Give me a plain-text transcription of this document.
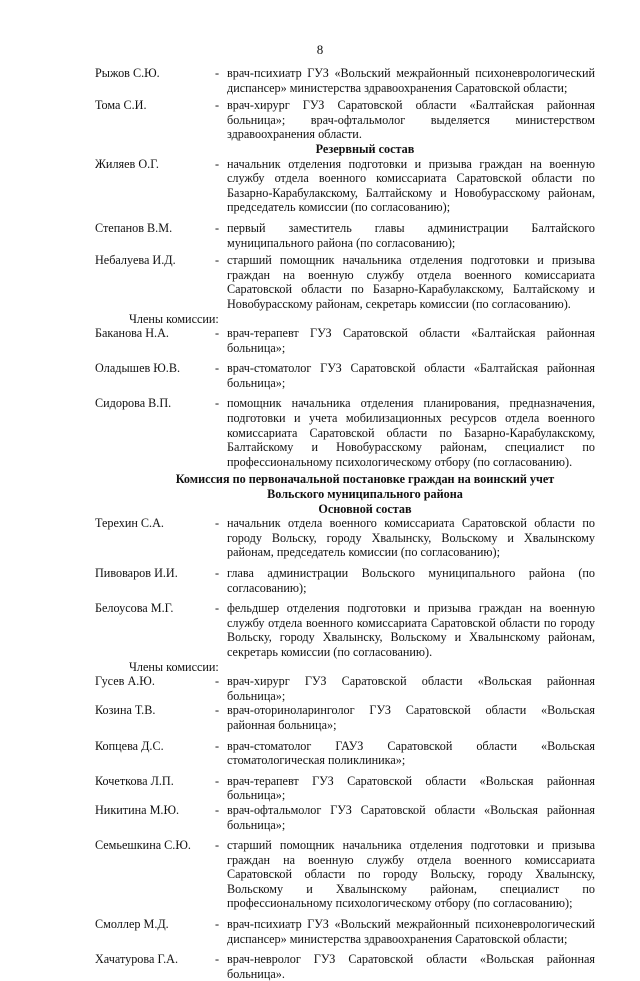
8
Рыжов С.Ю.	- врач-психиатр ГУЗ «Вольский межрайонный психоневрологический диспансер» министерства здравоохранения Саратовской области;
Тома С.И.	- врач-хирург ГУЗ Саратовской области «Балтайская районная больница»; врач-офтальмолог выделяется министерством здравоохранения области.
Резервный состав
Жиляев О.Г.	- начальник отделения подготовки и призыва граждан на военную службу отдела военного комиссариата Саратовской области по Базарно-Карабулакскому, Балтайскому и Новобурасскому районам, председатель комиссии (по согласованию);
Степанов В.М.	- первый заместитель главы администрации Балтайского муниципального района (по согласованию);
Небалуева И.Д.	- старший помощник начальника отделения подготовки и призыва граждан на военную службу отдела военного комиссариата Саратовской области по Базарно-Карабулакскому, Балтайскому и Новобурасскому районам, секретарь комиссии (по согласованию).
Члены комиссии:
Баканова Н.А.	- врач-терапевт ГУЗ Саратовской области «Балтайская районная больница»;
Оладышев Ю.В.	- врач-стоматолог ГУЗ Саратовской области «Балтайская районная больница»;
Сидорова В.П.	- помощник начальника отделения планирования, предназначения, подготовки и учета мобилизационных ресурсов отдела военного комиссариата Саратовской области по Базарно-Карабулакскому, Балтайскому и Новобурасскому районам, специалист по профессиональному психологическому отбору (по согласованию).
Комиссия по первоначальной постановке граждан на воинский учет
Вольского муниципального района
Основной состав
Терехин С.А.	- начальник отдела военного комиссариата Саратовской области по городу Вольску, городу Хвалынску, Вольскому и Хвалынскому районам, председатель комиссии (по согласованию);
Пивоваров И.И.	- глава администрации Вольского муниципального района (по согласованию);
Белоусова М.Г.	- фельдшер отделения подготовки и призыва граждан на военную службу отдела военного комиссариата Саратовской области по городу Вольску, городу Хвалынску, Вольскому и Хвалынскому районам, секретарь комиссии (по согласованию).
Члены комиссии:
Гусев А.Ю.	- врач-хирург ГУЗ Саратовской области «Вольская районная больница»;
Козина Т.В.	- врач-оториноларинголог ГУЗ Саратовской области «Вольская районная больница»;
Копцева Д.С.	- врач-стоматолог ГАУЗ Саратовской области «Вольская стоматологическая поликлиника»;
Кочеткова Л.П.	- врач-терапевт ГУЗ Саратовской области «Вольская районная больница»;
Никитина М.Ю.	- врач-офтальмолог ГУЗ Саратовской области «Вольская районная больница»;
Семьешкина С.Ю.	- старший помощник начальника отделения подготовки и призыва граждан на военную службу отдела военного комиссариата Саратовской области по городу Вольску, городу Хвалынску, Вольскому и Хвалынскому районам, специалист по профессиональному психологическому отбору (по согласованию);
Смоллер М.Д.	- врач-психиатр ГУЗ «Вольский межрайонный психоневрологический диспансер» министерства здравоохранения Саратовской области;
Хачатурова Г.А.	- врач-невролог ГУЗ Саратовской области «Вольская районная больница».
